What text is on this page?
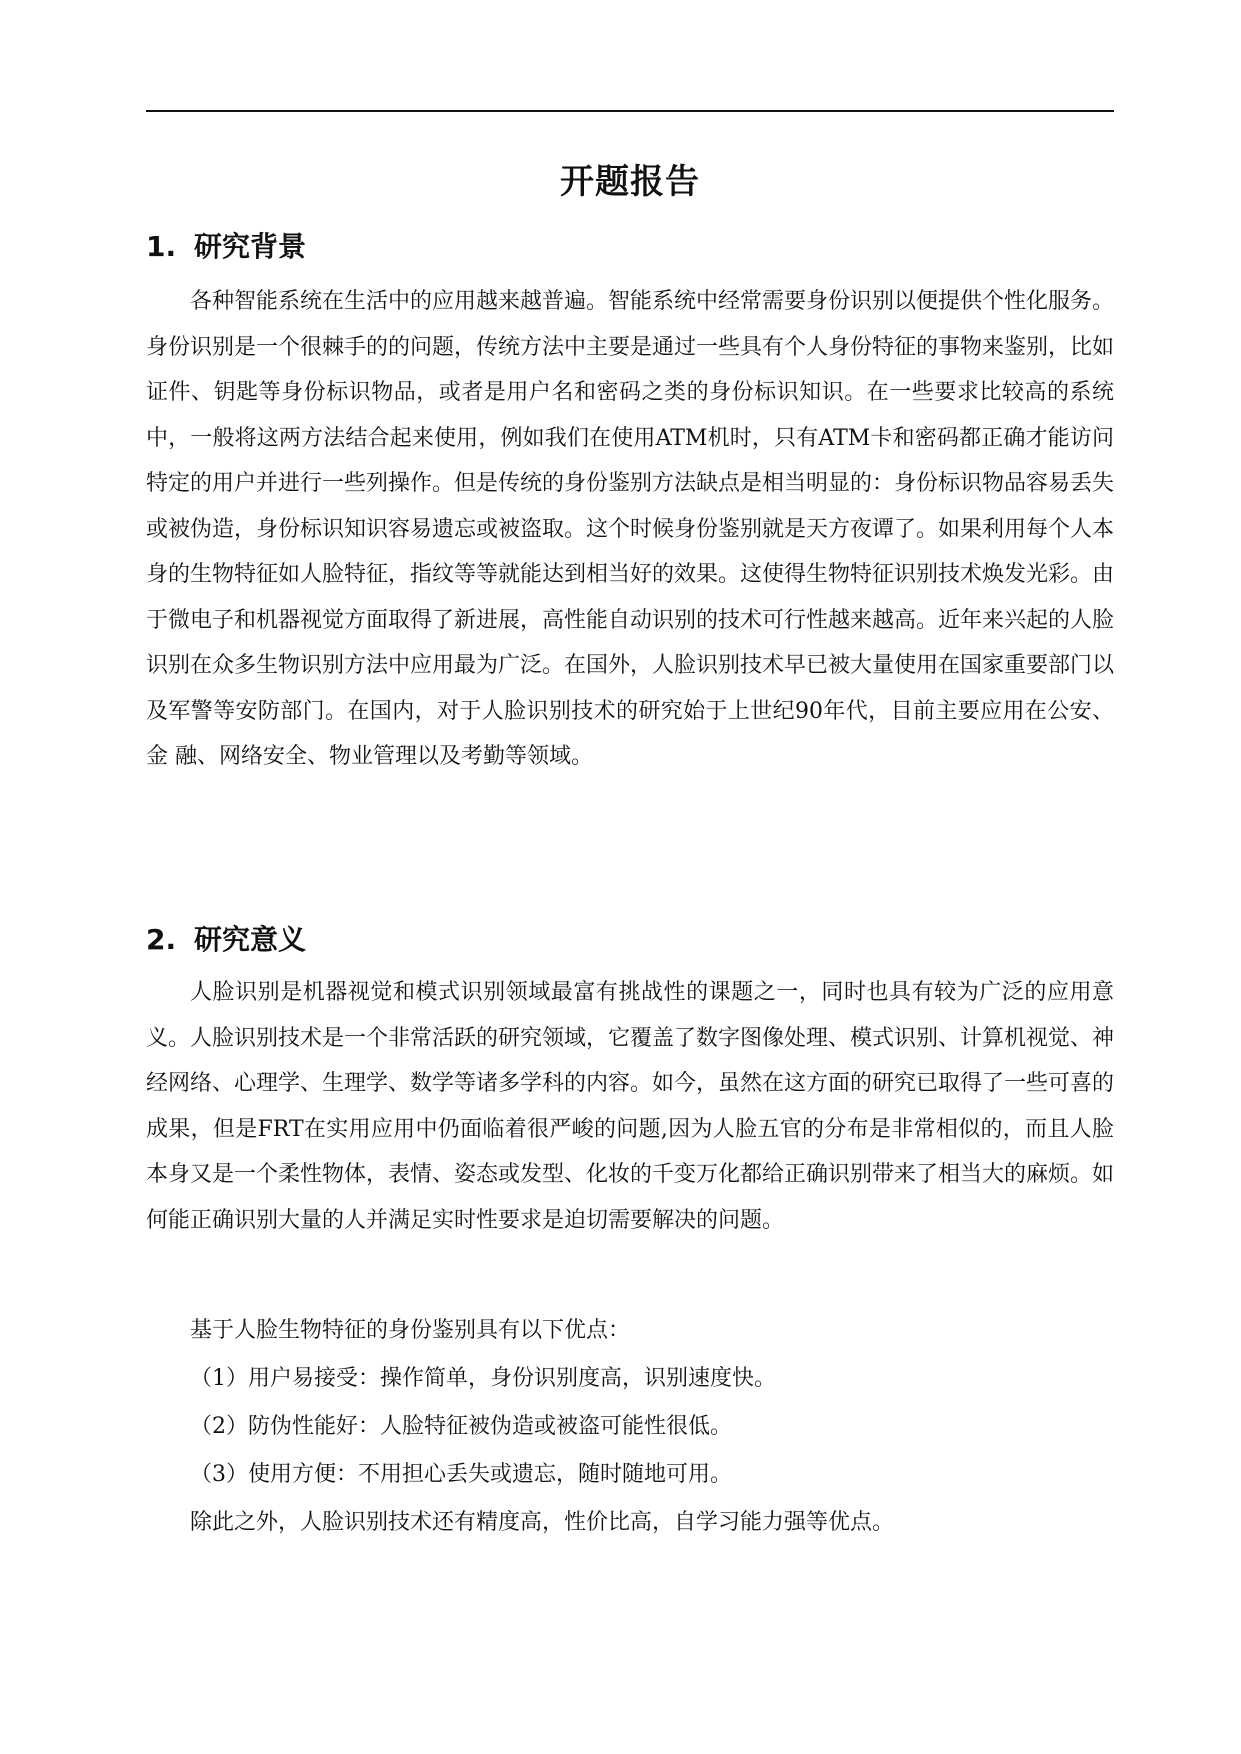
开题报告
1. 研究背景

各种智能系统在生活中的应用越来越普遍。智能系统中经常需要身份识别以便提供个性化服务。身份识别是一个很棘手的的问题，传统方法中主要是通过一些具有个人身份特征的事物来鉴别，比如证件、钥匙等身份标识物品，或者是用户名和密码之类的身份标识知识。在一些要求比较高的系统中，一般将这两方法结合起来使用，例如我们在使用ATM机时，只有ATM卡和密码都正确才能访问特定的用户并进行一些列操作。但是传统的身份鉴别方法缺点是相当明显的：身份标识物品容易丢失或被伪造，身份标识知识容易遗忘或被盗取。这个时候身份鉴别就是天方夜谭了。如果利用每个人本身的生物特征如人脸特征，指纹等等就能达到相当好的效果。这使得生物特征识别技术焕发光彩。由于微电子和机器视觉方面取得了新进展，高性能自动识别的技术可行性越来越高。近年来兴起的人脸识别在众多生物识别方法中应用最为广泛。在国外，人脸识别技术早已被大量使用在国家重要部门以及军警等安防部门。在国内，对于人脸识别技术的研究始于上世纪90年代，目前主要应用在公安、金 融、网络安全、物业管理以及考勤等领域。

2. 研究意义

人脸识别是机器视觉和模式识别领域最富有挑战性的课题之一，同时也具有较为广泛的应用意义。人脸识别技术是一个非常活跃的研究领域，它覆盖了数字图像处理、模式识别、计算机视觉、神经网络、心理学、生理学、数学等诸多学科的内容。如今，虽然在这方面的研究已取得了一些可喜的成果，但是FRT在实用应用中仍面临着很严峻的问题,因为人脸五官的分布是非常相似的，而且人脸本身又是一个柔性物体，表情、姿态或发型、化妆的千变万化都给正确识别带来了相当大的麻烦。如何能正确识别大量的人并满足实时性要求是迫切需要解决的问题。

基于人脸生物特征的身份鉴别具有以下优点：

（1）用户易接受：操作简单，身份识别度高，识别速度快。

（2）防伪性能好：人脸特征被伪造或被盗可能性很低。

（3）使用方便：不用担心丢失或遗忘，随时随地可用。

除此之外，人脸识别技术还有精度高，性价比高，自学习能力强等优点。
